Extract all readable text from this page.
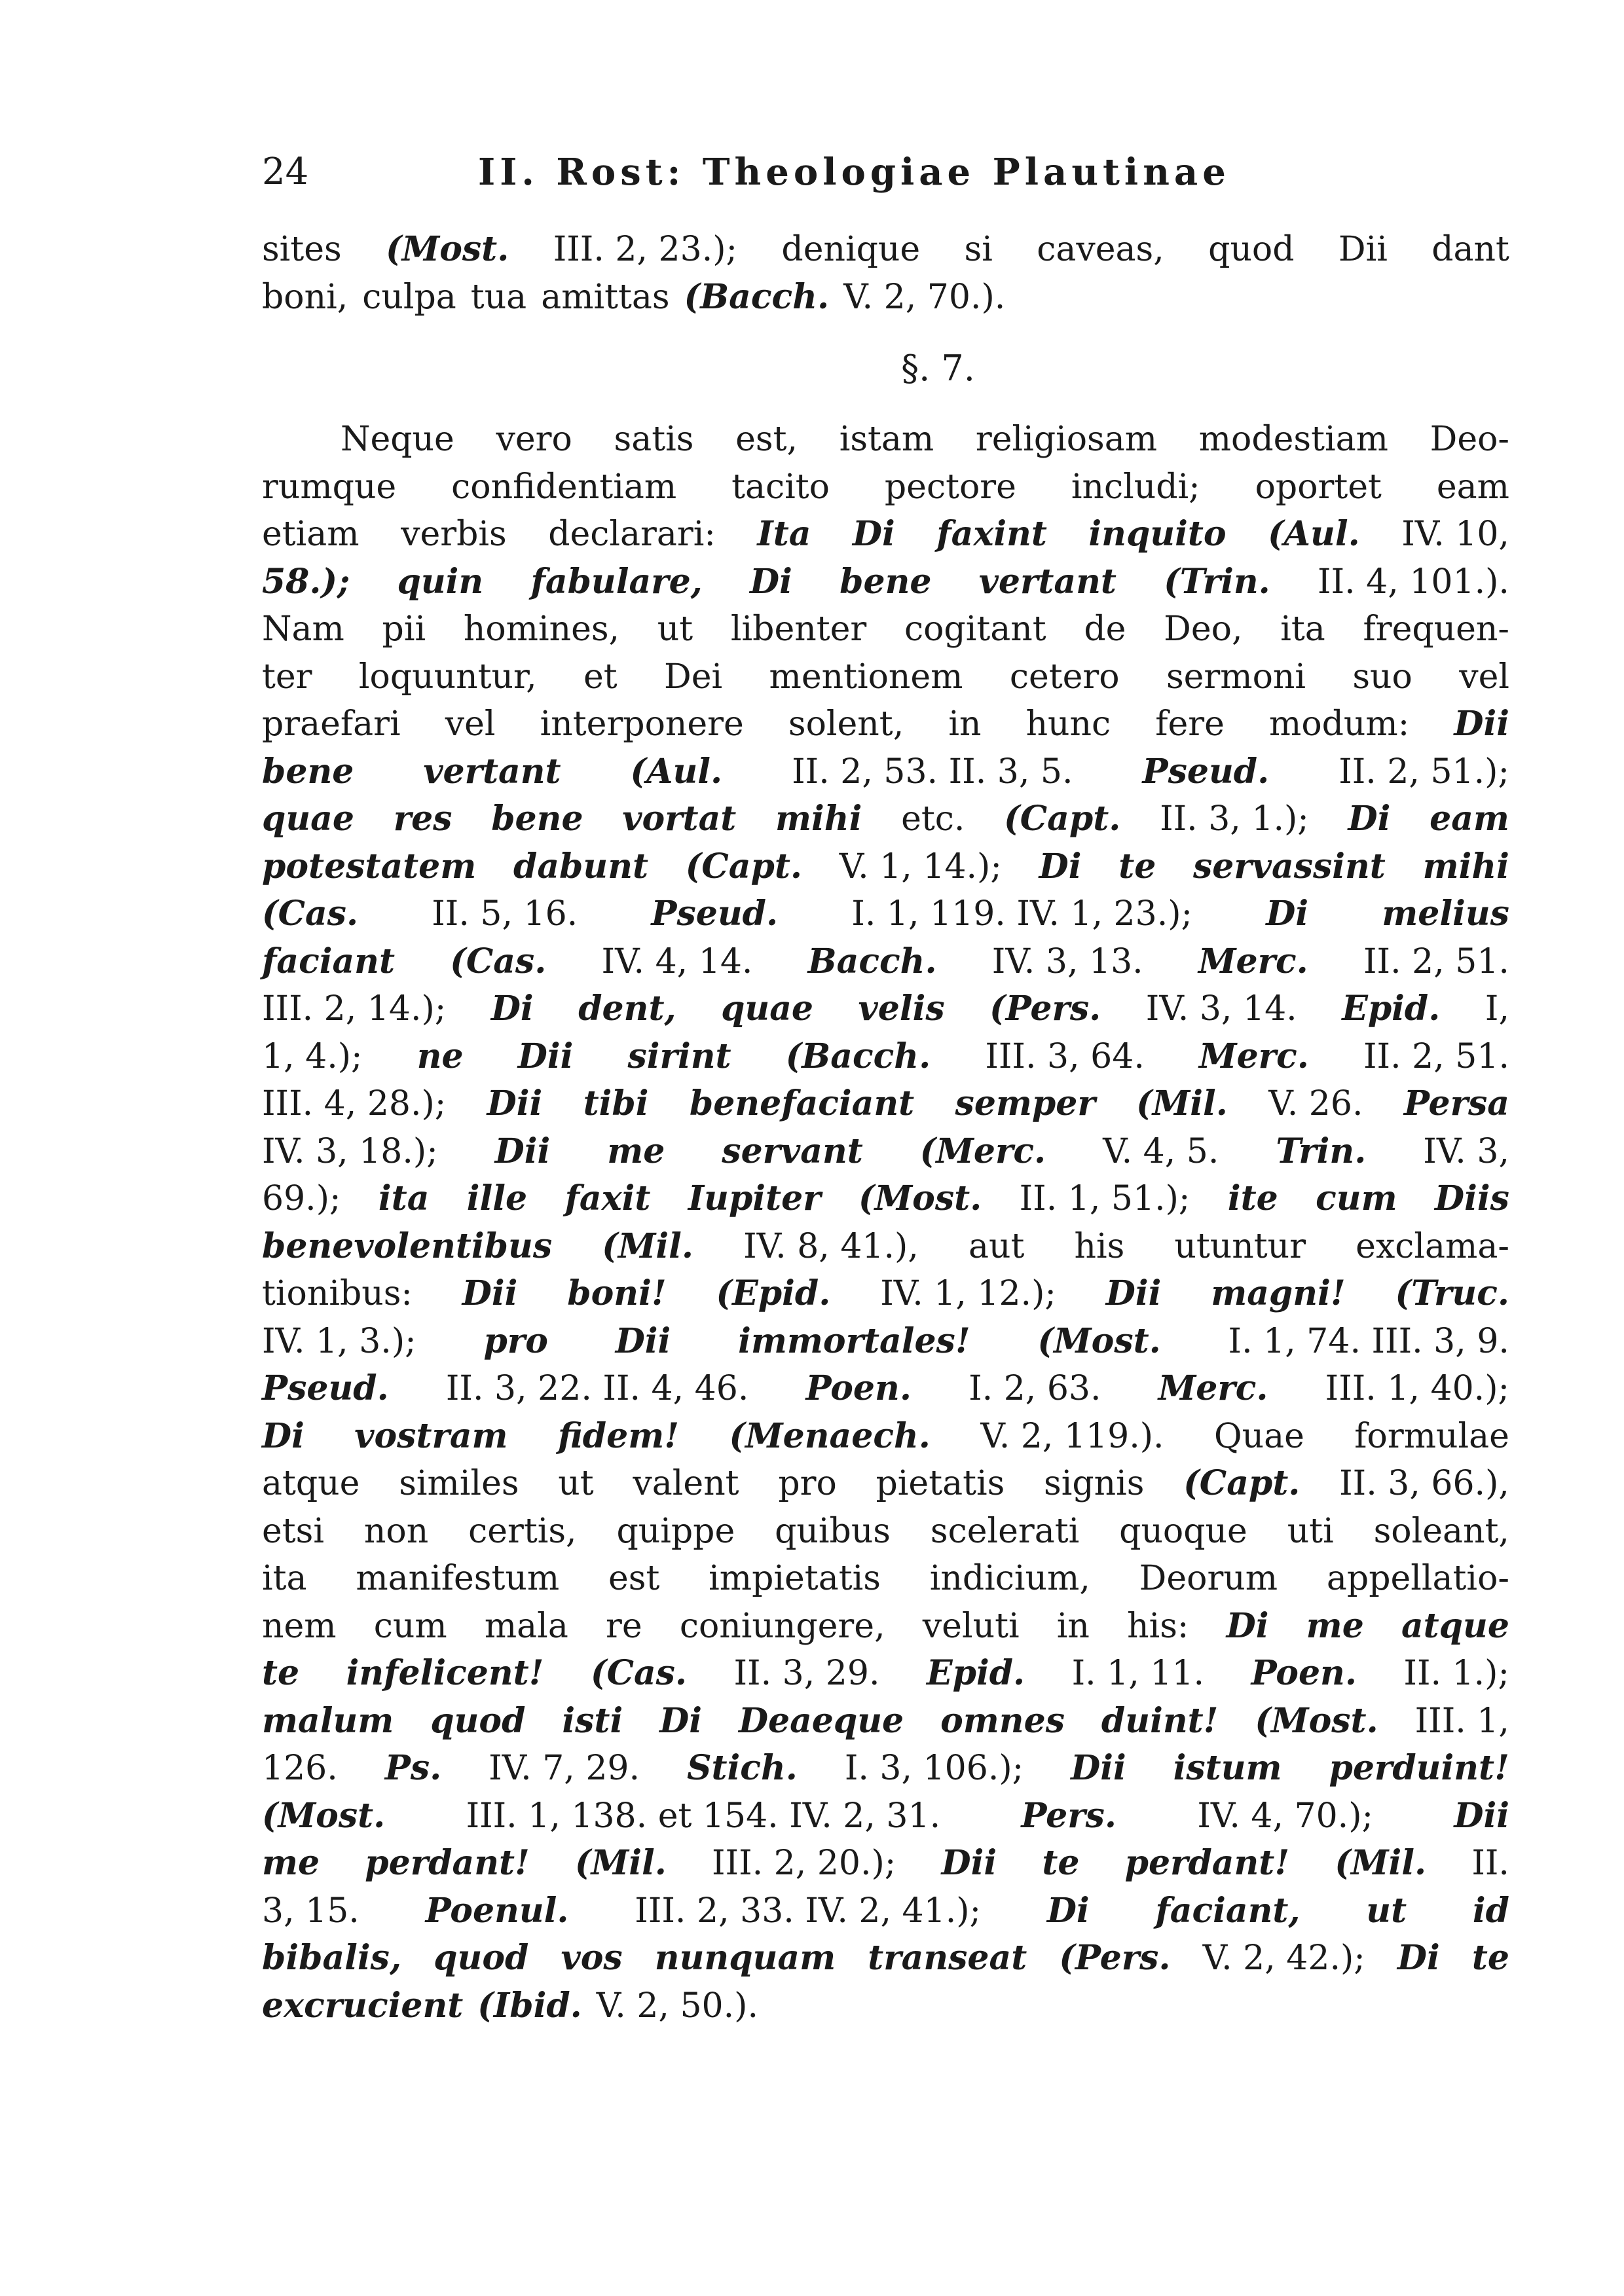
24	II. Rost: Theologiae Plautinae
sites (Most. III. 2, 23.); denique si caveas, quod Dii dant
boni, culpa tua amittas (Bacch. V. 2, 70.).
§. 7.
Neque vero satis est, istam religiosam modestiam Deo-
rumque confidentiam tacito pectore includi; oportet eam
etiam verbis declarari: Ita Di faxint inquito (Aul. IV. 10,
58.); quin fabulare, Di bene vertant (Trin. II. 4, 101.).
Nam pii homines, ut libenter cogitant de Deo, ita frequen-
ter loquuntur, et Dei mentionem cetero sermoni suo vel
praefari vel interponere solent, in hunc fere modum: Dii
bene vertant (Aul. II. 2, 53. II. 3, 5. Pseud. II. 2, 51.);
quae res bene vortat mihi etc. (Capt. II. 3, 1.); Di eam
potestatem dabunt (Capt. V. 1, 14.); Di te servassint mihi
(Cas. II. 5, 16. Pseud. I. 1, 119. IV. 1, 23.); Di melius
faciant (Cas. IV. 4, 14. Bacch. IV. 3, 13. Merc. II. 2, 51.
III. 2, 14.); Di dent, quae velis (Pers. IV. 3, 14. Epid. I,
1, 4.); ne Dii sirint (Bacch. III. 3, 64. Merc. II. 2, 51.
III. 4, 28.); Dii tibi benefaciant semper (Mil. V. 26. Persa
IV. 3, 18.); Dii me servant (Merc. V. 4, 5. Trin. IV. 3,
69.); ita ille faxit Iupiter (Most. II. 1, 51.); ite cum Diis
benevolentibus (Mil. IV. 8, 41.), aut his utuntur exclama-
tionibus: Dii boni! (Epid. IV. 1, 12.); Dii magni! (Truc.
IV. 1, 3.); pro Dii immortales! (Most. I. 1, 74. III. 3, 9.
Pseud. II. 3, 22. II. 4, 46. Poen. I. 2, 63. Merc. III. 1, 40.);
Di vostram fidem! (Menaech. V. 2, 119.). Quae formulae
atque similes ut valent pro pietatis signis (Capt. II. 3, 66.),
etsi non certis, quippe quibus scelerati quoque uti soleant,
ita manifestum est impietatis indicium, Deorum appellatio-
nem cum mala re coniungere, veluti in his: Di me atque
te infelicent! (Cas. II. 3, 29. Epid. I. 1, 11. Poen. II. 1.);
malum quod isti Di Deaeque omnes duint! (Most. III. 1,
126. Ps. IV. 7, 29. Stich. I. 3, 106.); Dii istum perduint!
(Most. III. 1, 138. et 154. IV. 2, 31. Pers. IV. 4, 70.); Dii
me perdant! (Mil. III. 2, 20.); Dii te perdant! (Mil. II.
3, 15. Poenul. III. 2, 33. IV. 2, 41.); Di faciant, ut id
bibalis, quod vos nunquam transeat (Pers. V. 2, 42.); Di te
excrucient (Ibid. V. 2, 50.).
